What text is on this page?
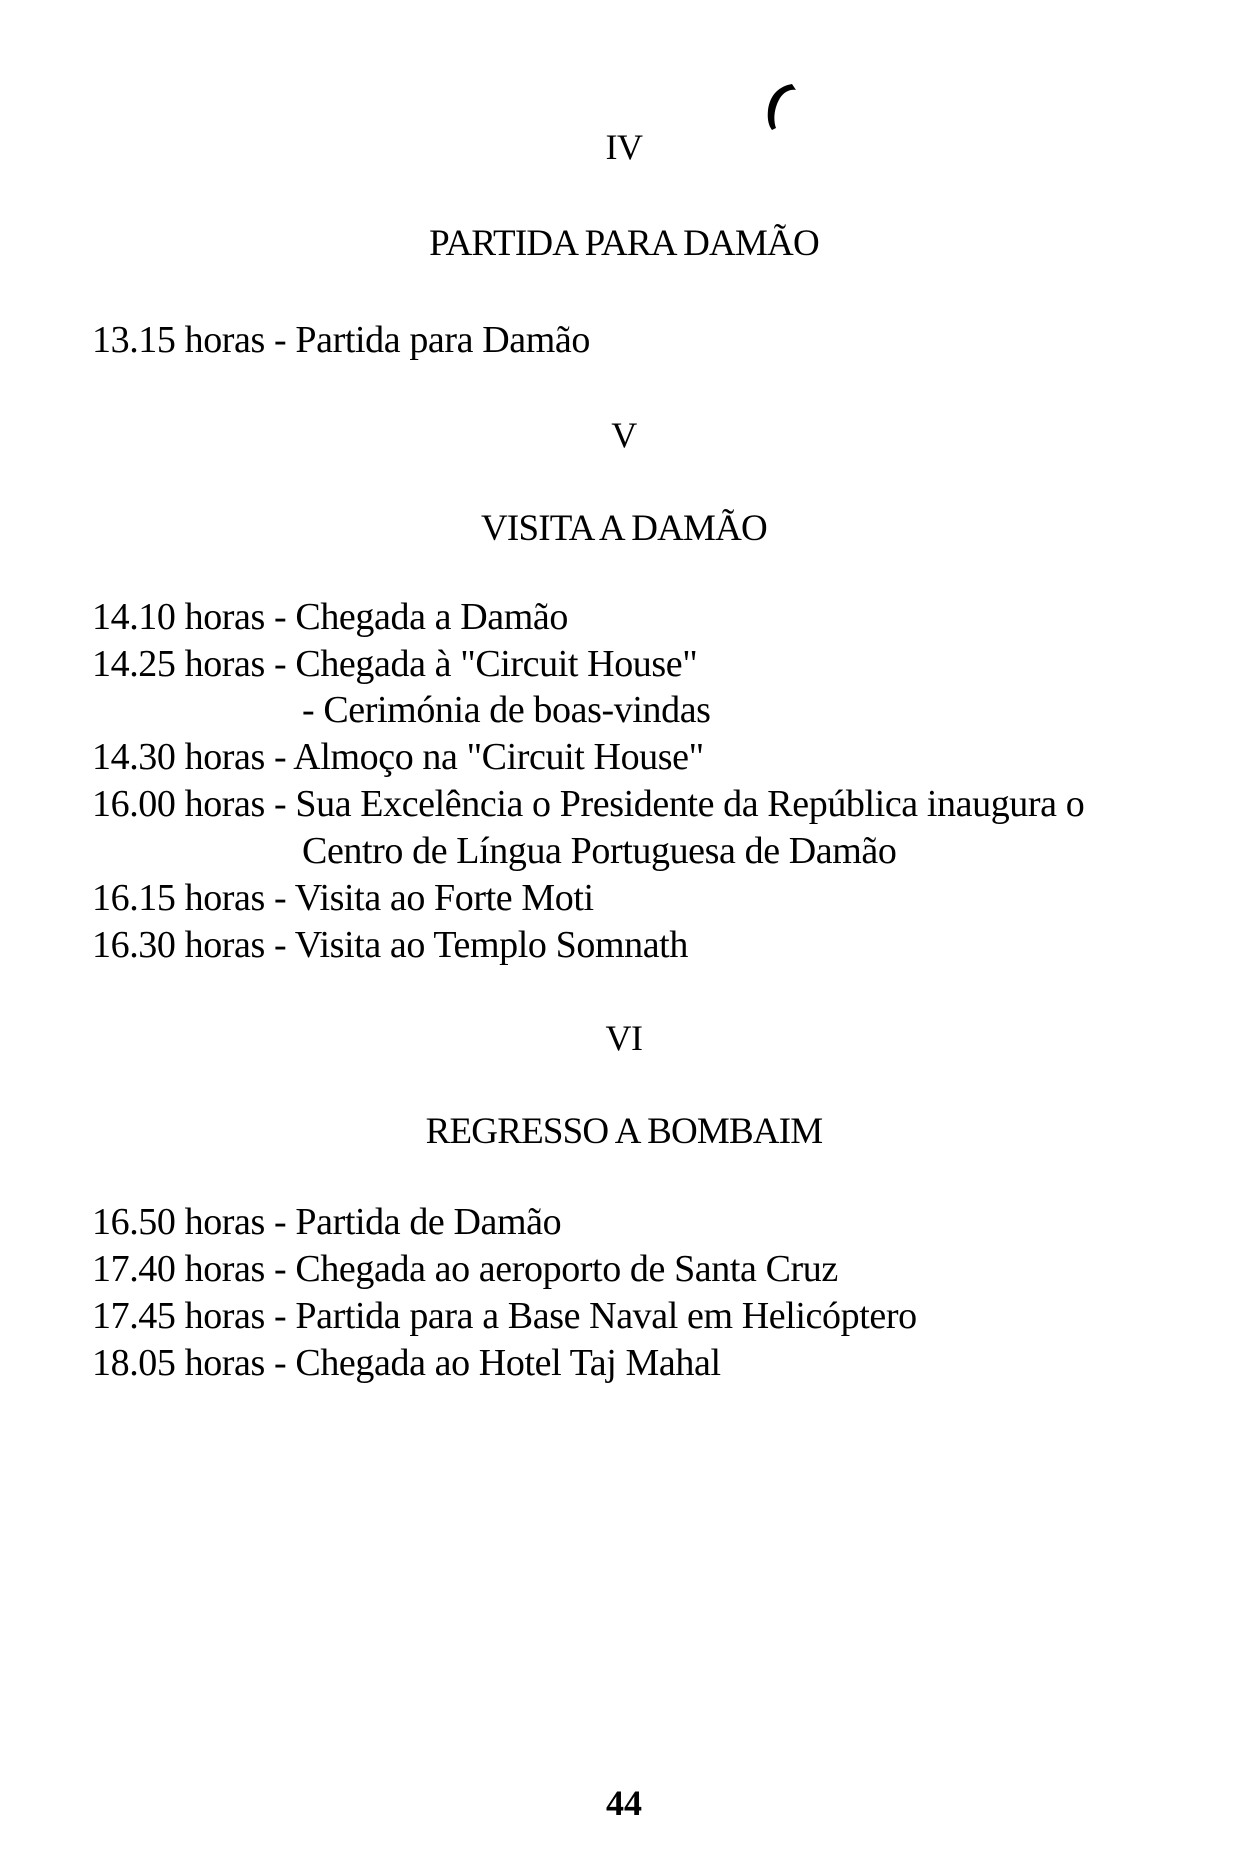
IV
PARTIDA PARA DAMÃO
13.15 horas - Partida para Damão
V
VISITA A DAMÃO
14.10 horas - Chegada a Damão
14.25 horas - Chegada à "Circuit House"
- Cerimónia de boas-vindas
14.30 horas - Almoço na "Circuit House"
16.00 horas - Sua Excelência o Presidente da República inaugura o
Centro de Língua Portuguesa de Damão
16.15 horas - Visita ao Forte Moti
16.30 horas - Visita ao Templo Somnath
VI
REGRESSO A BOMBAIM
16.50 horas - Partida de Damão
17.40 horas - Chegada ao aeroporto de Santa Cruz
17.45 horas - Partida para a Base Naval em Helicóptero
18.05 horas - Chegada ao Hotel Taj Mahal
44
